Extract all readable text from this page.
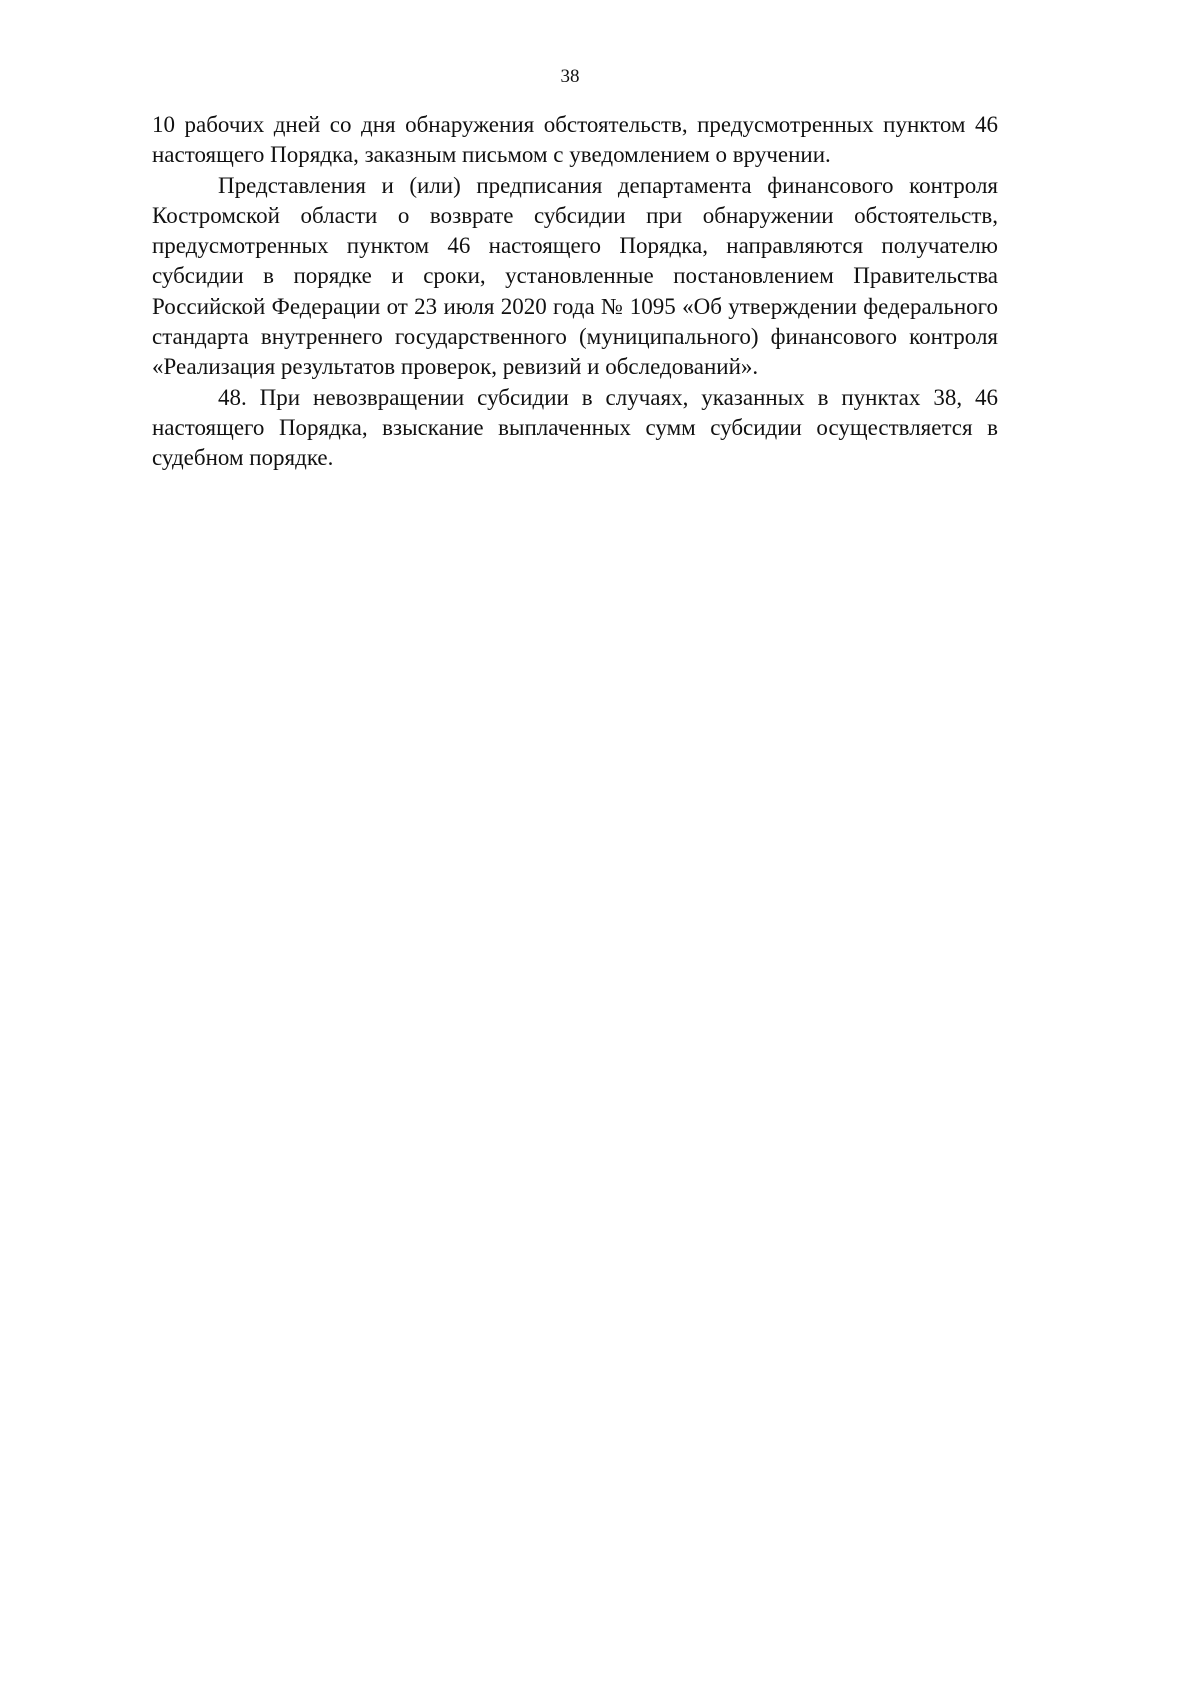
38

10 рабочих дней со дня обнаружения обстоятельств, предусмотренных пунктом 46 настоящего Порядка, заказным письмом с уведомлением о вручении.

Представления и (или) предписания департамента финансового контроля Костромской области о возврате субсидии при обнаружении обстоятельств, предусмотренных пунктом 46 настоящего Порядка, направляются получателю субсидии в порядке и сроки, установленные постановлением Правительства Российской Федерации от 23 июля 2020 года № 1095 «Об утверждении федерального стандарта внутреннего государственного (муниципального) финансового контроля «Реализация результатов проверок, ревизий и обследований».

48. При невозвращении субсидии в случаях, указанных в пунктах 38, 46 настоящего Порядка, взыскание выплаченных сумм субсидии осуществляется в судебном порядке.
